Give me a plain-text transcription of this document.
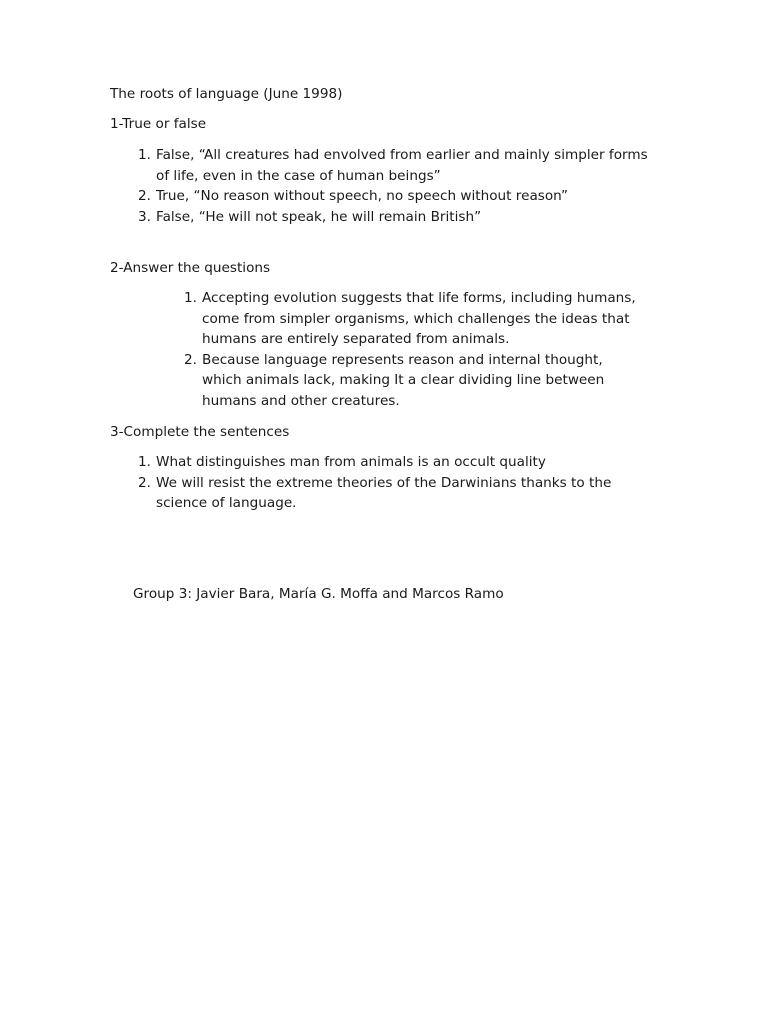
The roots of language (June 1998)

1-True or false

1. False, “All creatures had envolved from earlier and mainly simpler forms of life, even in the case of human beings”
2. True, “No reason without speech, no speech without reason”
3. False, “He will not speak, he will remain British”

2-Answer the questions

1. Accepting evolution suggests that life forms, including humans, come from simpler organisms, which challenges the ideas that humans are entirely separated from animals.
2. Because language represents reason and internal thought, which animals lack, making It a clear dividing line between humans and other creatures.

3-Complete the sentences

1. What distinguishes man from animals is an occult quality
2. We will resist the extreme theories of the Darwinians thanks to the science of language.

Group 3: Javier Bara, María G. Moffa and Marcos Ramo
